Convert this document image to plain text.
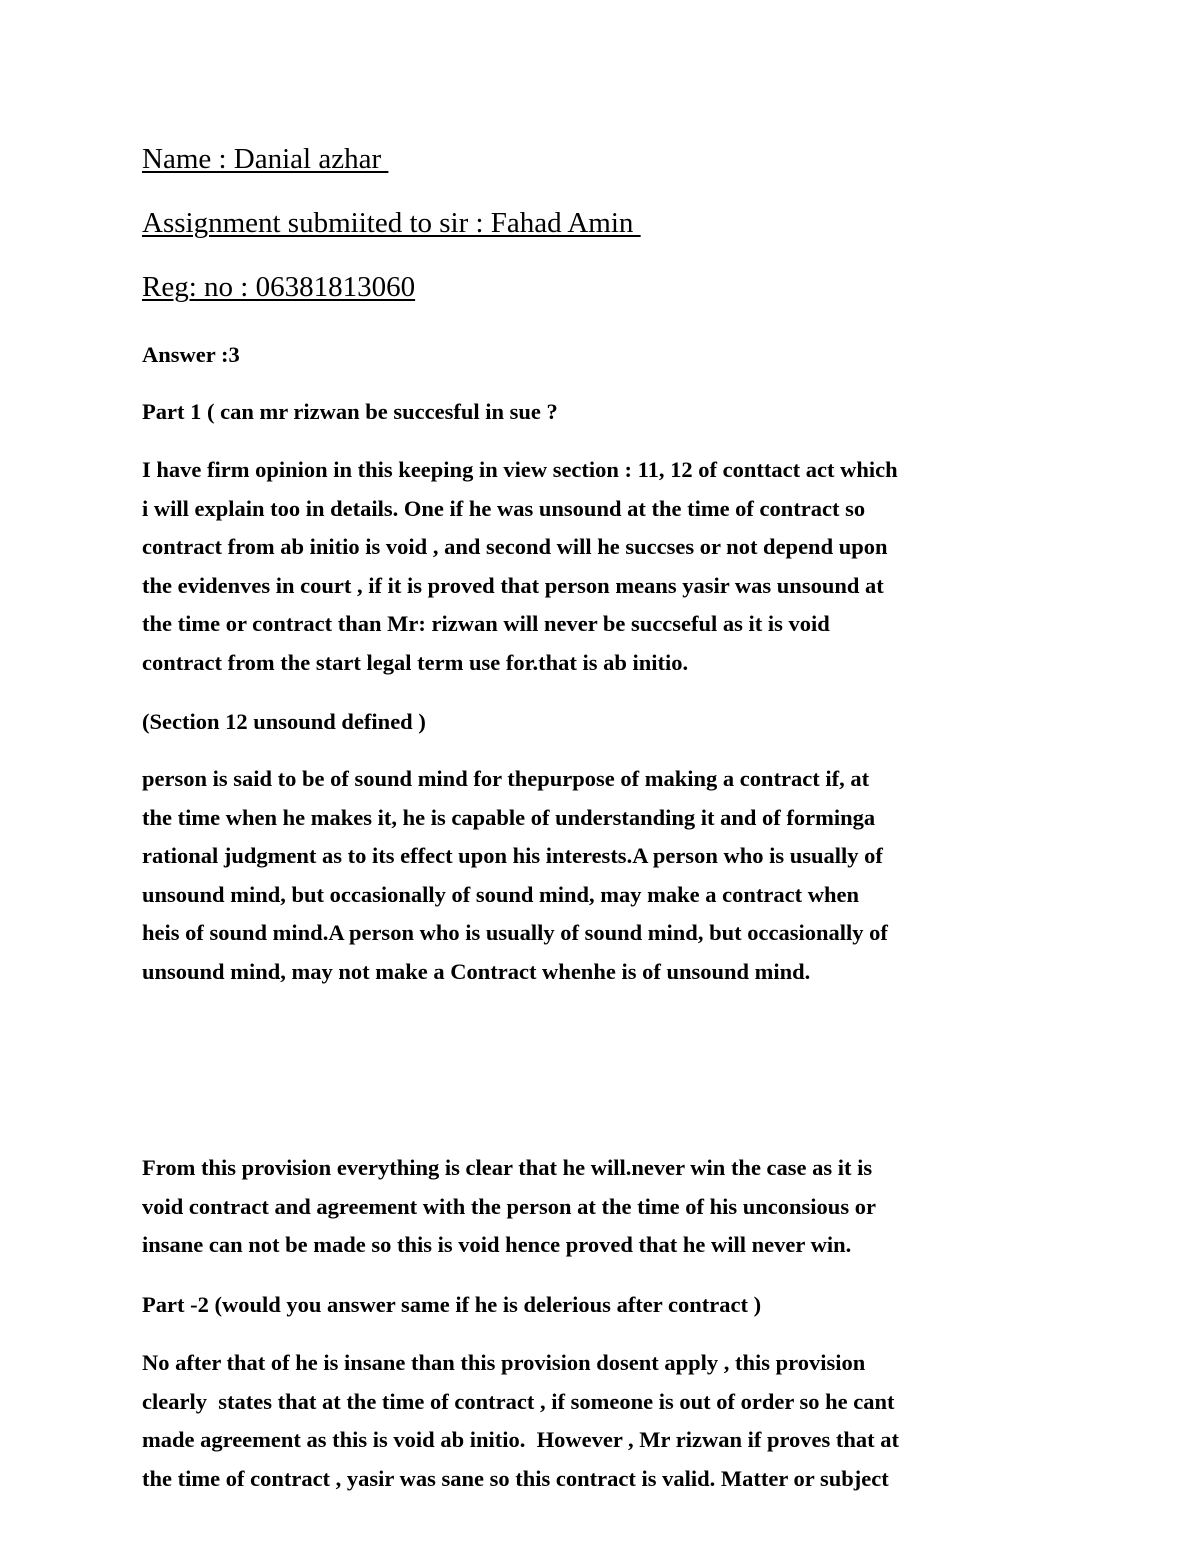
Name : Danial azhar

Assignment submiited to sir : Fahad Amin

Reg: no : 06381813060

Answer :3

Part 1 ( can mr rizwan be succesful in sue ?

I have firm opinion in this keeping in view section : 11, 12 of conttact act which
i will explain too in details. One if he was unsound at the time of contract so
contract from ab initio is void , and second will he succses or not depend upon
the evidenves in court , if it is proved that person means yasir was unsound at
the time or contract than Mr: rizwan will never be succseful as it is void
contract from the start legal term use for.that is ab initio.

(Section 12 unsound defined )

person is said to be of sound mind for thepurpose of making a contract if, at
the time when he makes it, he is capable of understanding it and of forminga
rational judgment as to its effect upon his interests.A person who is usually of
unsound mind, but occasionally of sound mind, may make a contract when
heis of sound mind.A person who is usually of sound mind, but occasionally of
unsound mind, may not make a Contract whenhe is of unsound mind.

From this provision everything is clear that he will.never win the case as it is
void contract and agreement with the person at the time of his unconsious or
insane can not be made so this is void hence proved that he will never win.

Part -2 (would you answer same if he is delerious after contract )

No after that of he is insane than this provision dosent apply , this provision
clearly  states that at the time of contract , if someone is out of order so he cant
made agreement as this is void ab initio.  However , Mr rizwan if proves that at
the time of contract , yasir was sane so this contract is valid. Matter or subject
